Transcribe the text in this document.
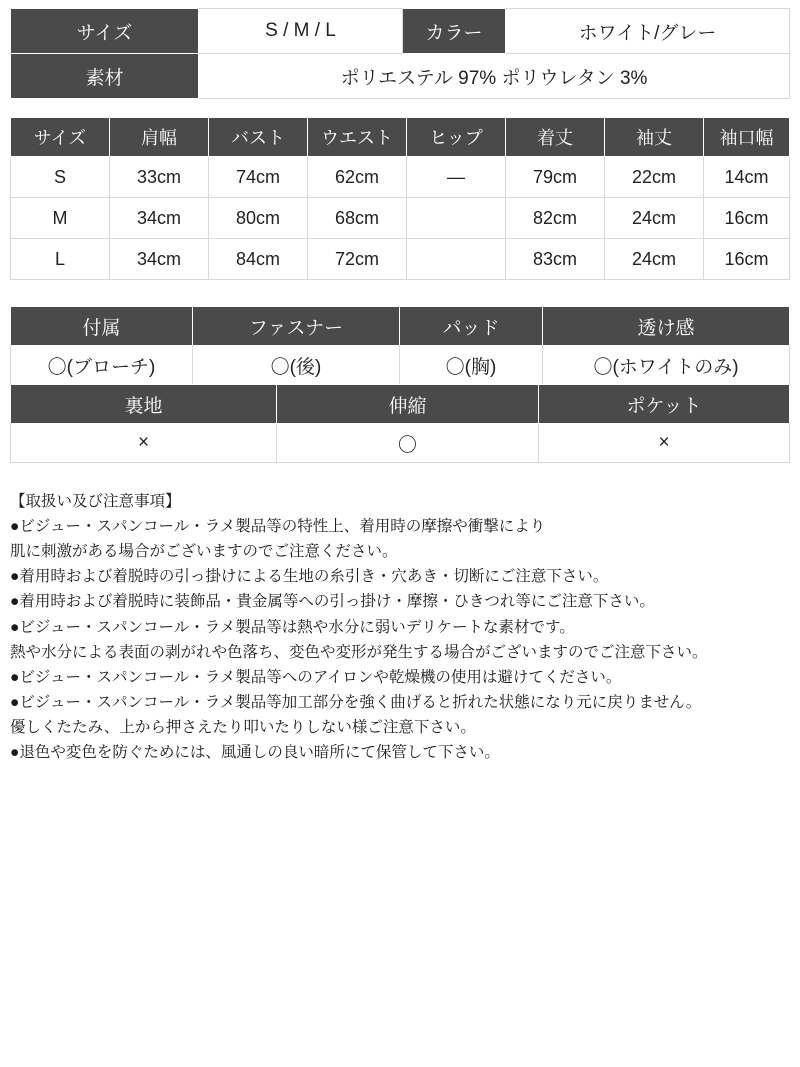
サイズ	S / M / L	カラー	ホワイト/グレー
素材	ポリエステル 97% ポリウレタン 3%		
サイズ	肩幅	バスト	ウエスト	ヒップ	着丈	袖丈	袖口幅
S	33cm	74cm	62cm	—	79cm	22cm	14cm
M	34cm	80cm	68cm		82cm	24cm	16cm
L	34cm	84cm	72cm		83cm	24cm	16cm
付属	ファスナー	パッド	透け感
〇(ブローチ)	〇(後)	〇(胸)	〇(ホワイトのみ)
裏地	伸縮	ポケット
×	〇	×
【取扱い及び注意事項】
●ビジュー・スパンコール・ラメ製品等の特性上、着用時の摩擦や衝撃により
肌に刺激がある場合がございますのでご注意ください。
●着用時および着脱時の引っ掛けによる生地の糸引き・穴あき・切断にご注意下さい。
●着用時および着脱時に装飾品・貴金属等への引っ掛け・摩擦・ひきつれ等にご注意下さい。
●ビジュー・スパンコール・ラメ製品等は熱や水分に弱いデリケートな素材です。
熱や水分による表面の剥がれや色落ち、変色や変形が発生する場合がございますのでご注意下さい。
●ビジュー・スパンコール・ラメ製品等へのアイロンや乾燥機の使用は避けてください。
●ビジュー・スパンコール・ラメ製品等加工部分を強く曲げると折れた状態になり元に戻りません。
優しくたたみ、上から押さえたり叩いたりしない様ご注意下さい。
●退色や変色を防ぐためには、風通しの良い暗所にて保管して下さい。
